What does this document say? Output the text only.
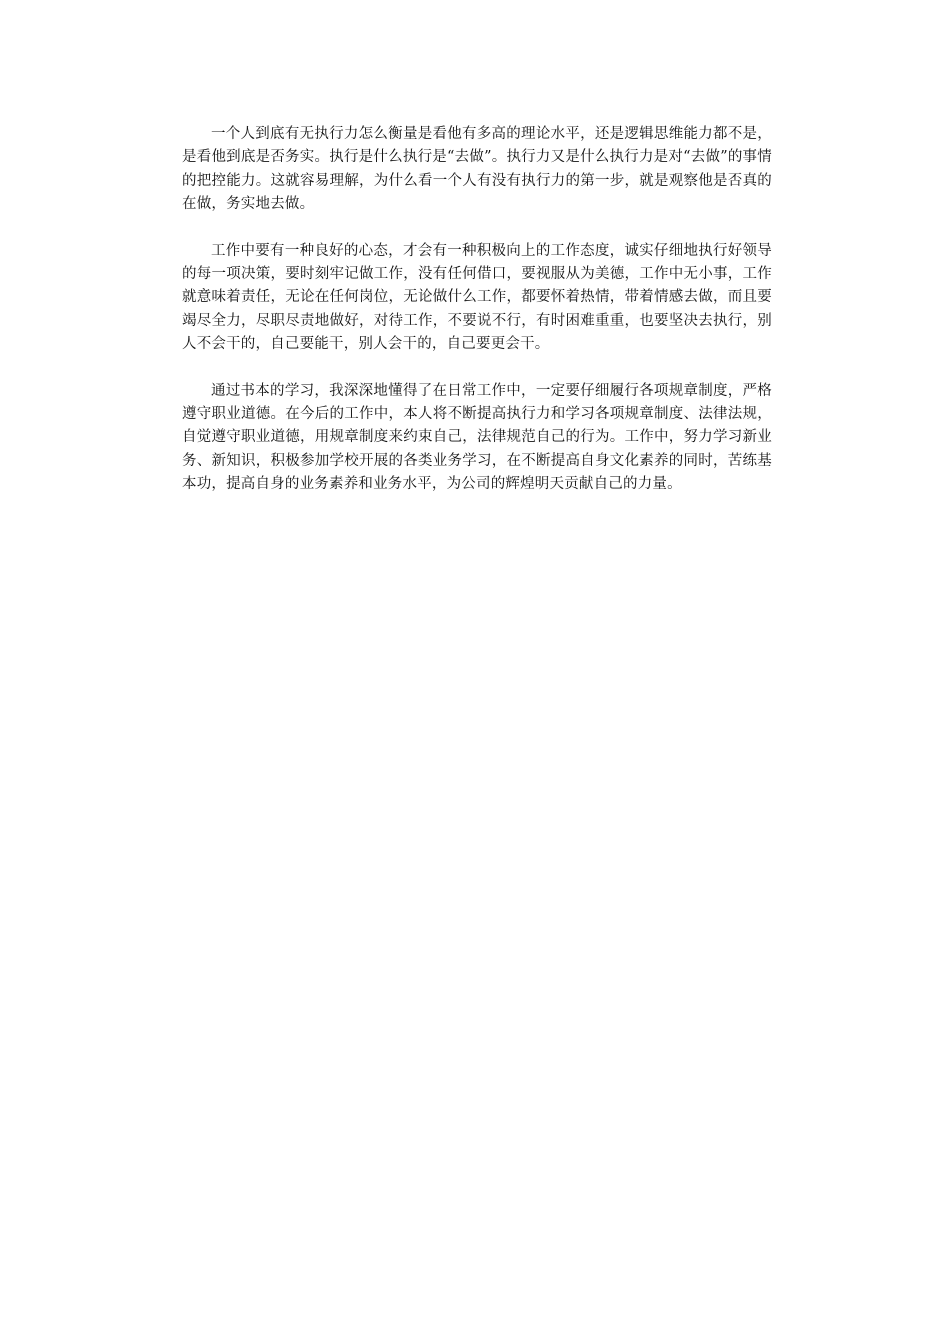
一个人到底有无执行力怎么衡量是看他有多高的理论水平，还是逻辑思维能力都不是，是看他到底是否务实。执行是什么执行是“去做”。执行力又是什么执行力是对“去做”的事情的把控能力。这就容易理解，为什么看一个人有没有执行力的第一步，就是观察他是否真的在做，务实地去做。

工作中要有一种良好的心态，才会有一种积极向上的工作态度，诚实仔细地执行好领导的每一项决策，要时刻牢记做工作，没有任何借口，要视服从为美德，工作中无小事，工作就意味着责任，无论在任何岗位，无论做什么工作，都要怀着热情，带着情感去做，而且要竭尽全力，尽职尽责地做好，对待工作，不要说不行，有时困难重重，也要坚决去执行，别人不会干的，自己要能干，别人会干的，自己要更会干。

通过书本的学习，我深深地懂得了在日常工作中，一定要仔细履行各项规章制度，严格遵守职业道德。在今后的工作中，本人将不断提高执行力和学习各项规章制度、法律法规，自觉遵守职业道德，用规章制度来约束自己，法律规范自己的行为。工作中，努力学习新业务、新知识，积极参加学校开展的各类业务学习，在不断提高自身文化素养的同时，苦练基本功，提高自身的业务素养和业务水平，为公司的辉煌明天贡献自己的力量。
